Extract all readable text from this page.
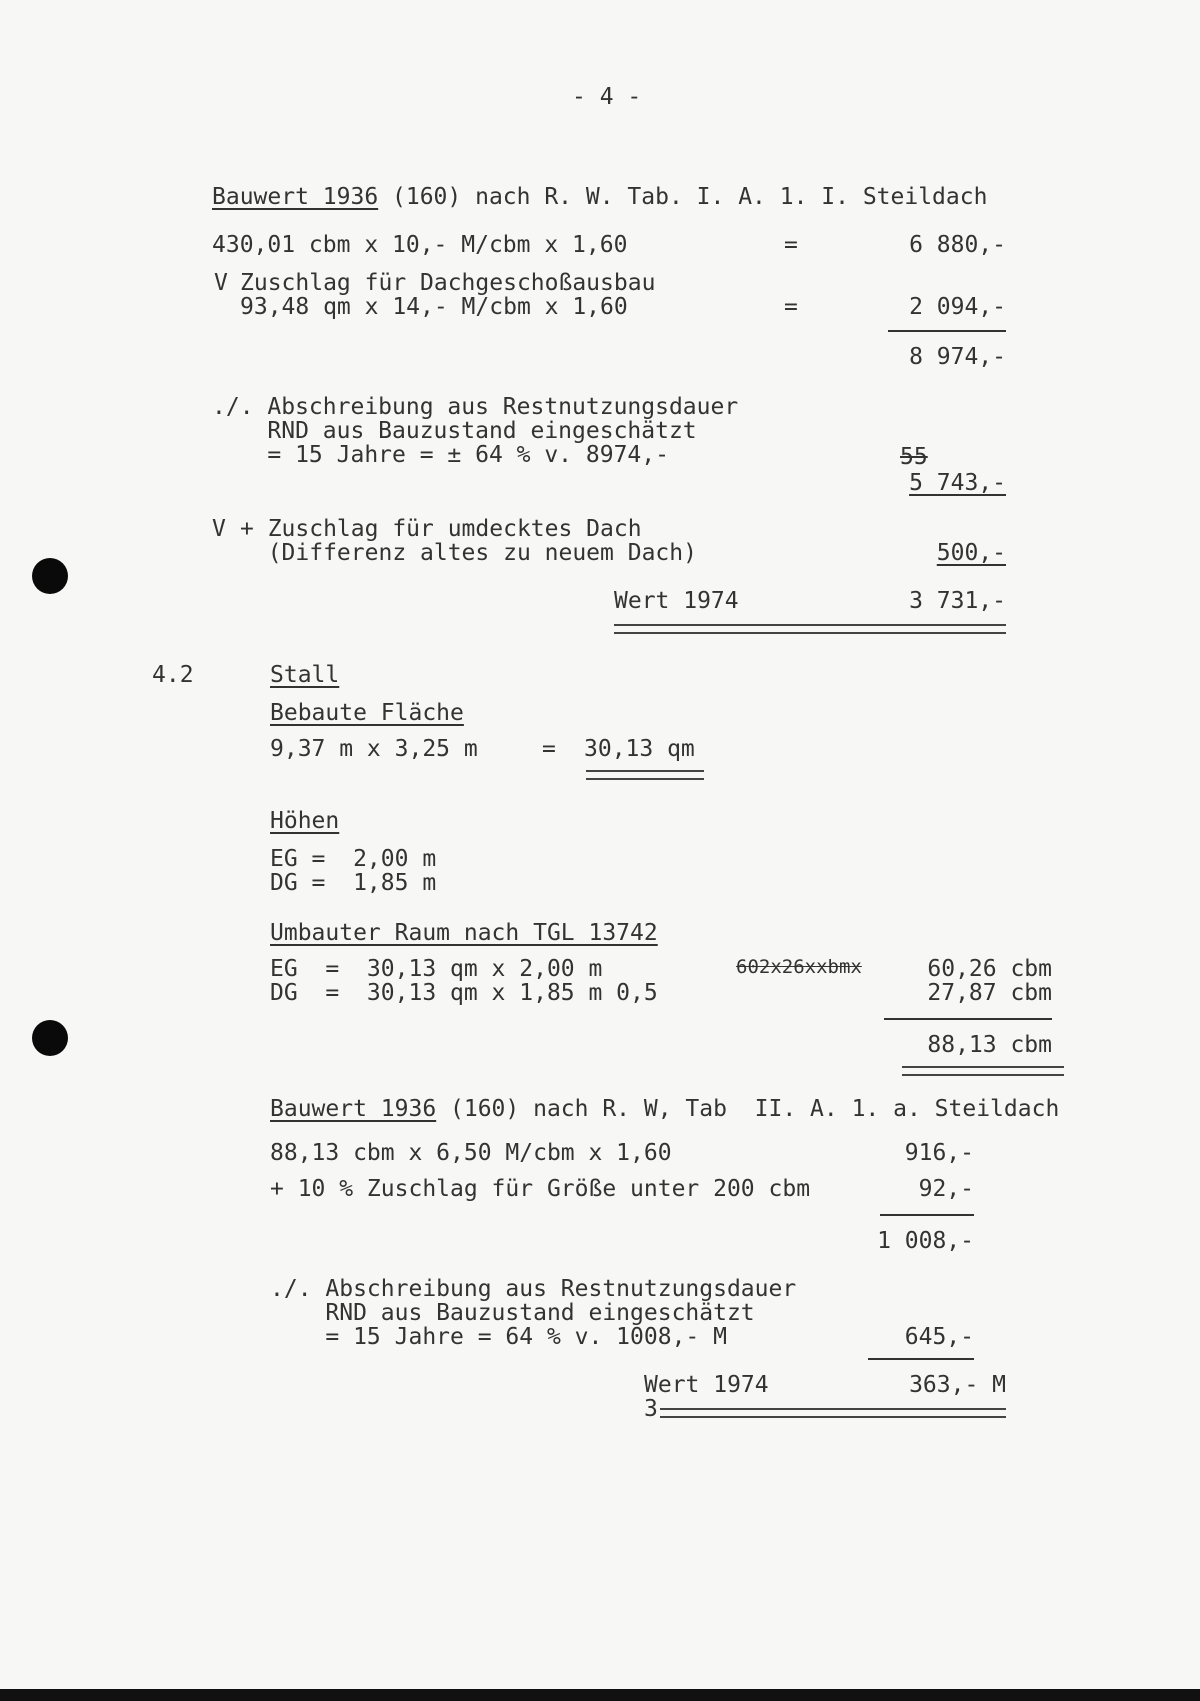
- 4 -
Bauwert 1936 (160) nach R. W. Tab. I. A. 1. I. Steildach
430,01 cbm x 10,- M/cbm x 1,60	=	6 880,-
V Zuschlag für Dachgeschoßausbau
93,48 qm x 14,- M/cbm x 1,60	=	2 094,-
8 974,-
./. Abschreibung aus Restnutzungsdauer
RND aus Bauzustand eingeschätzt
= 15 Jahre = ± 64 % v. 8974,-	55
5 743,-
V + Zuschlag für umdecktes Dach
(Differenz altes zu neuem Dach)	500,-
Wert 1974	3 731,-
4.2	Stall
Bebaute Fläche
9,37 m x 3,25 m	= 30,13 qm
Höhen
EG =  2,00 m
DG =  1,85 m
Umbauter Raum nach TGL 13742
EG  =  30,13 qm x 2,00 m	602x26xxbmx	60,26 cbm
DG  =  30,13 qm x 1,85 m 0,5	27,87 cbm
88,13 cbm
Bauwert 1936 (160) nach R. W, Tab  II. A. 1. a. Steildach
88,13 cbm x 6,50 M/cbm x 1,60	916,-
+ 10 % Zuschlag für Größe unter 200 cbm	92,-
1 008,-
./. Abschreibung aus Restnutzungsdauer
RND aus Bauzustand eingeschätzt
= 15 Jahre = 64 % v. 1008,- M	645,-
Wert 1974	363,- M
3
